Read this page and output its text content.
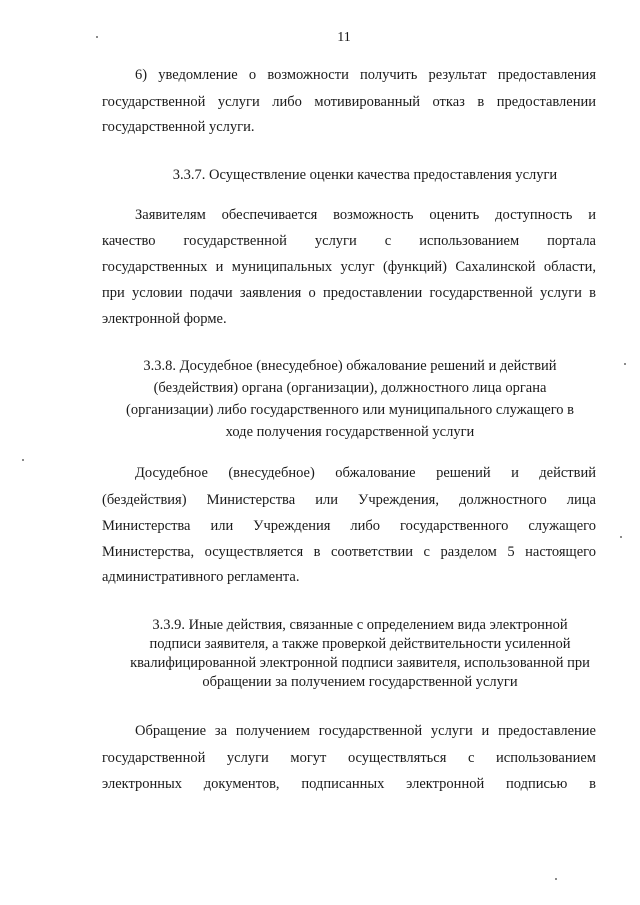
11
6) уведомление о возможности получить результат предоставления
государственной услуги либо мотивированный отказ в предоставлении
государственной услуги.
3.3.7. Осуществление оценки качества предоставления услуги
Заявителям обеспечивается возможность оценить доступность и
качество государственной услуги с использованием портала
государственных и муниципальных услуг (функций) Сахалинской области,
при условии подачи заявления о предоставлении государственной услуги в
электронной форме.
3.3.8. Досудебное (внесудебное) обжалование решений и действий
(бездействия) органа (организации), должностного лица органа
(организации) либо государственного или муниципального служащего в
ходе получения государственной услуги
Досудебное (внесудебное) обжалование решений и действий
(бездействия) Министерства или Учреждения, должностного лица
Министерства или Учреждения либо государственного служащего
Министерства, осуществляется в соответствии с разделом 5 настоящего
административного регламента.
3.3.9. Иные действия, связанные с определением вида электронной
подписи заявителя, а также проверкой действительности усиленной
квалифицированной электронной подписи заявителя, использованной при
обращении за получением государственной услуги
Обращение за получением государственной услуги и предоставление
государственной услуги могут осуществляться с использованием
электронных документов, подписанных электронной подписью в
